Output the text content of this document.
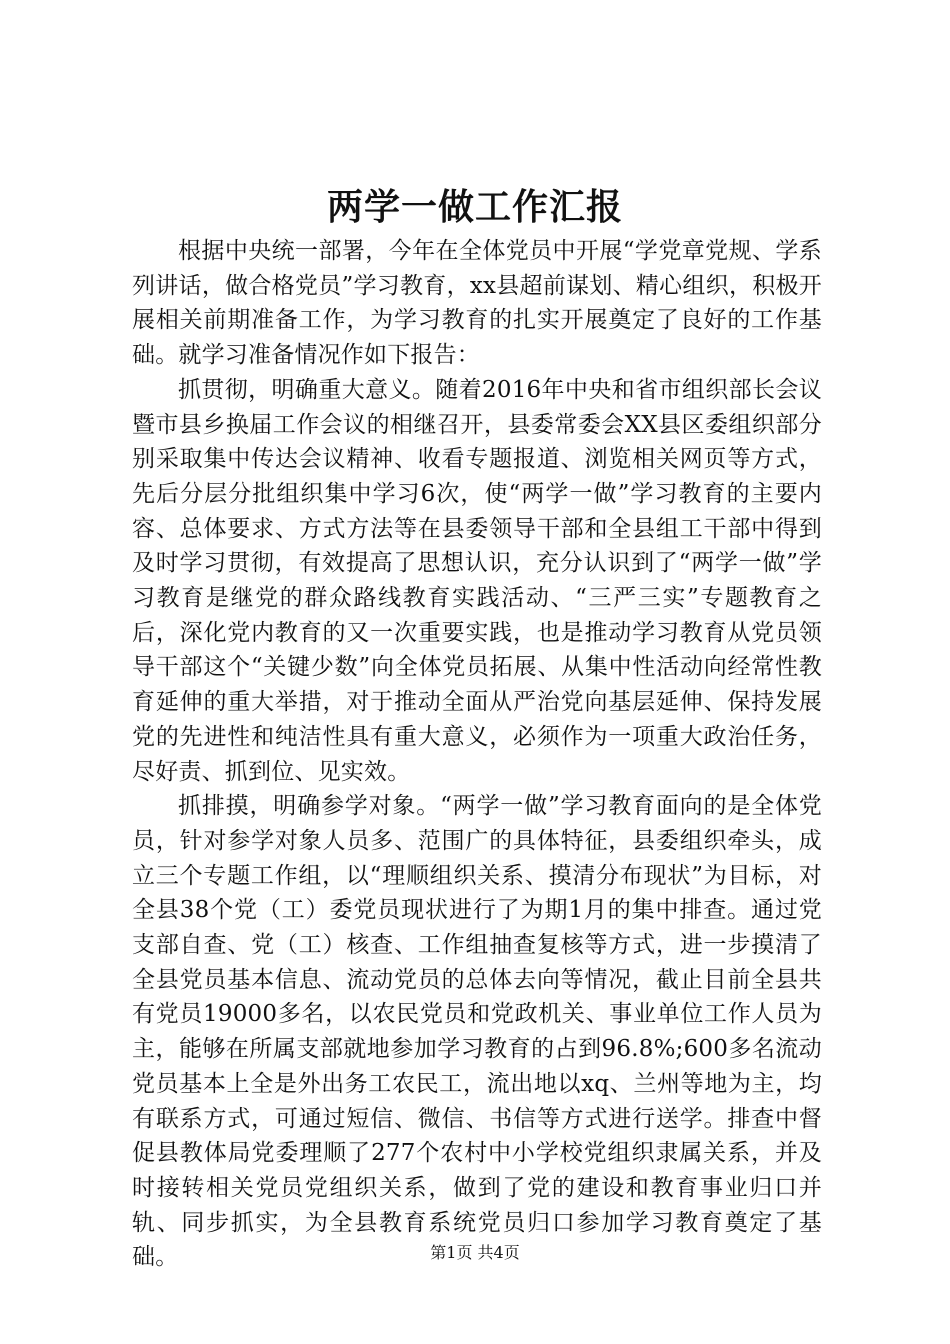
两学一做工作汇报

根据中央统一部署，今年在全体党员中开展“学党章党规、学系列讲话，做合格党员”学习教育，xx县超前谋划、精心组织，积极开展相关前期准备工作，为学习教育的扎实开展奠定了良好的工作基础。就学习准备情况作如下报告：

抓贯彻，明确重大意义。随着2016年中央和省市组织部长会议暨市县乡换届工作会议的相继召开，县委常委会XX县区委组织部分别采取集中传达会议精神、收看专题报道、浏览相关网页等方式，先后分层分批组织集中学习6次，使“两学一做”学习教育的主要内容、总体要求、方式方法等在县委领导干部和全县组工干部中得到及时学习贯彻，有效提高了思想认识，充分认识到了“两学一做”学习教育是继党的群众路线教育实践活动、“三严三实”专题教育之后，深化党内教育的又一次重要实践，也是推动学习教育从党员领导干部这个“关键少数”向全体党员拓展、从集中性活动向经常性教育延伸的重大举措，对于推动全面从严治党向基层延伸、保持发展党的先进性和纯洁性具有重大意义，必须作为一项重大政治任务，尽好责、抓到位、见实效。

抓排摸，明确参学对象。“两学一做”学习教育面向的是全体党员，针对参学对象人员多、范围广的具体特征，县委组织牵头，成立三个专题工作组，以“理顺组织关系、摸清分布现状”为目标，对全县38个党（工）委党员现状进行了为期1月的集中排查。通过党支部自查、党（工）核查、工作组抽查复核等方式，进一步摸清了全县党员基本信息、流动党员的总体去向等情况，截止目前全县共有党员19000多名，以农民党员和党政机关、事业单位工作人员为主，能够在所属支部就地参加学习教育的占到96.8%;600多名流动党员基本上全是外出务工农民工，流出地以xq、兰州等地为主，均有联系方式，可通过短信、微信、书信等方式进行送学。排查中督促县教体局党委理顺了277个农村中小学校党组织隶属关系，并及时接转相关党员党组织关系，做到了党的建设和教育事业归口并轨、同步抓实，为全县教育系统党员归口参加学习教育奠定了基础。	第1页 共4页
